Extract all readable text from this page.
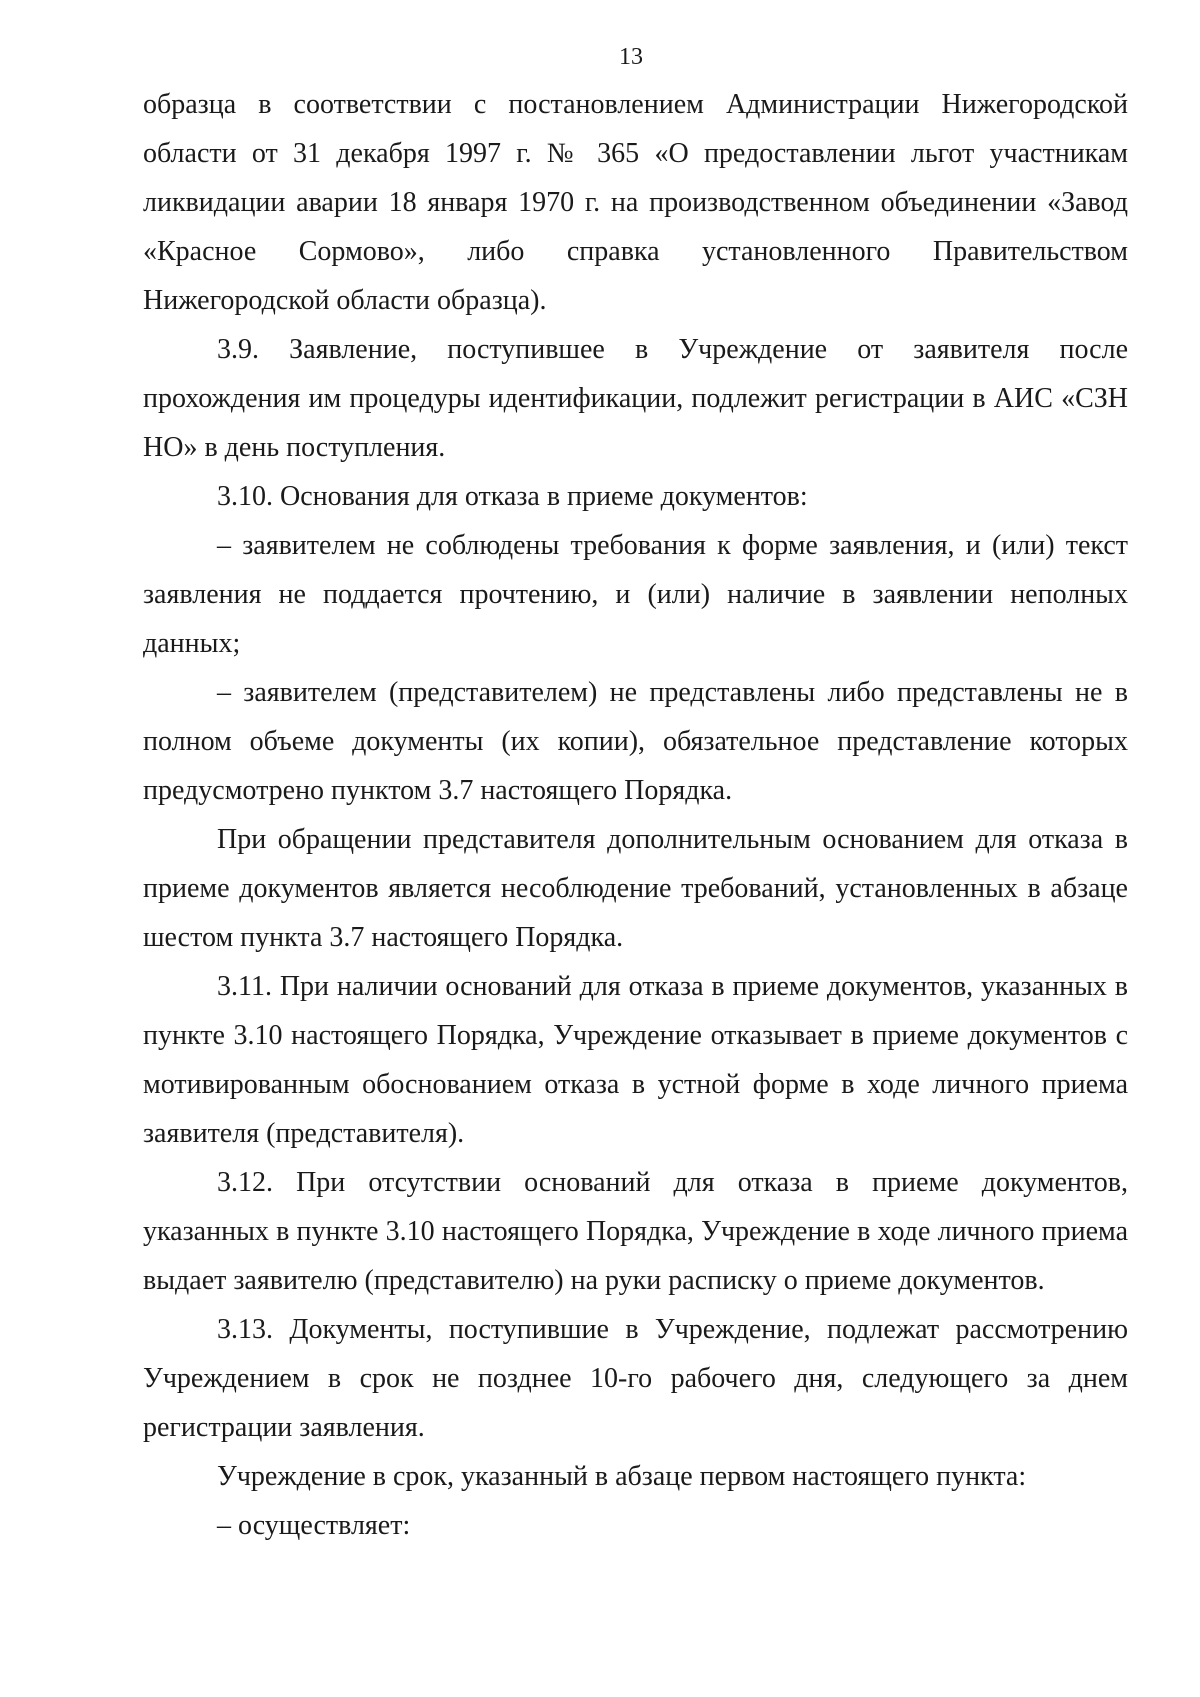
13

образца в соответствии с постановлением Администрации Нижегородской области от 31 декабря 1997 г. № 365 «О предоставлении льгот участникам ликвидации аварии 18 января 1970 г. на производственном объединении «Завод «Красное Сормово», либо справка установленного Правительством Нижегородской области образца).

3.9. Заявление, поступившее в Учреждение от заявителя после прохождения им процедуры идентификации, подлежит регистрации в АИС «СЗН НО» в день поступления.

3.10. Основания для отказа в приеме документов:

– заявителем не соблюдены требования к форме заявления, и (или) текст заявления не поддается прочтению, и (или) наличие в заявлении неполных данных;

– заявителем (представителем) не представлены либо представлены не в полном объеме документы (их копии), обязательное представление которых предусмотрено пунктом 3.7 настоящего Порядка.

При обращении представителя дополнительным основанием для отказа в приеме документов является несоблюдение требований, установленных в абзаце шестом пункта 3.7 настоящего Порядка.

3.11. При наличии оснований для отказа в приеме документов, указанных в пункте 3.10 настоящего Порядка, Учреждение отказывает в приеме документов с мотивированным обоснованием отказа в устной форме в ходе личного приема заявителя (представителя).

3.12. При отсутствии оснований для отказа в приеме документов, указанных в пункте 3.10 настоящего Порядка, Учреждение в ходе личного приема выдает заявителю (представителю) на руки расписку о приеме документов.

3.13. Документы, поступившие в Учреждение, подлежат рассмотрению Учреждением в срок не позднее 10-го рабочего дня, следующего за днем регистрации заявления.

Учреждение в срок, указанный в абзаце первом настоящего пункта:

– осуществляет:
